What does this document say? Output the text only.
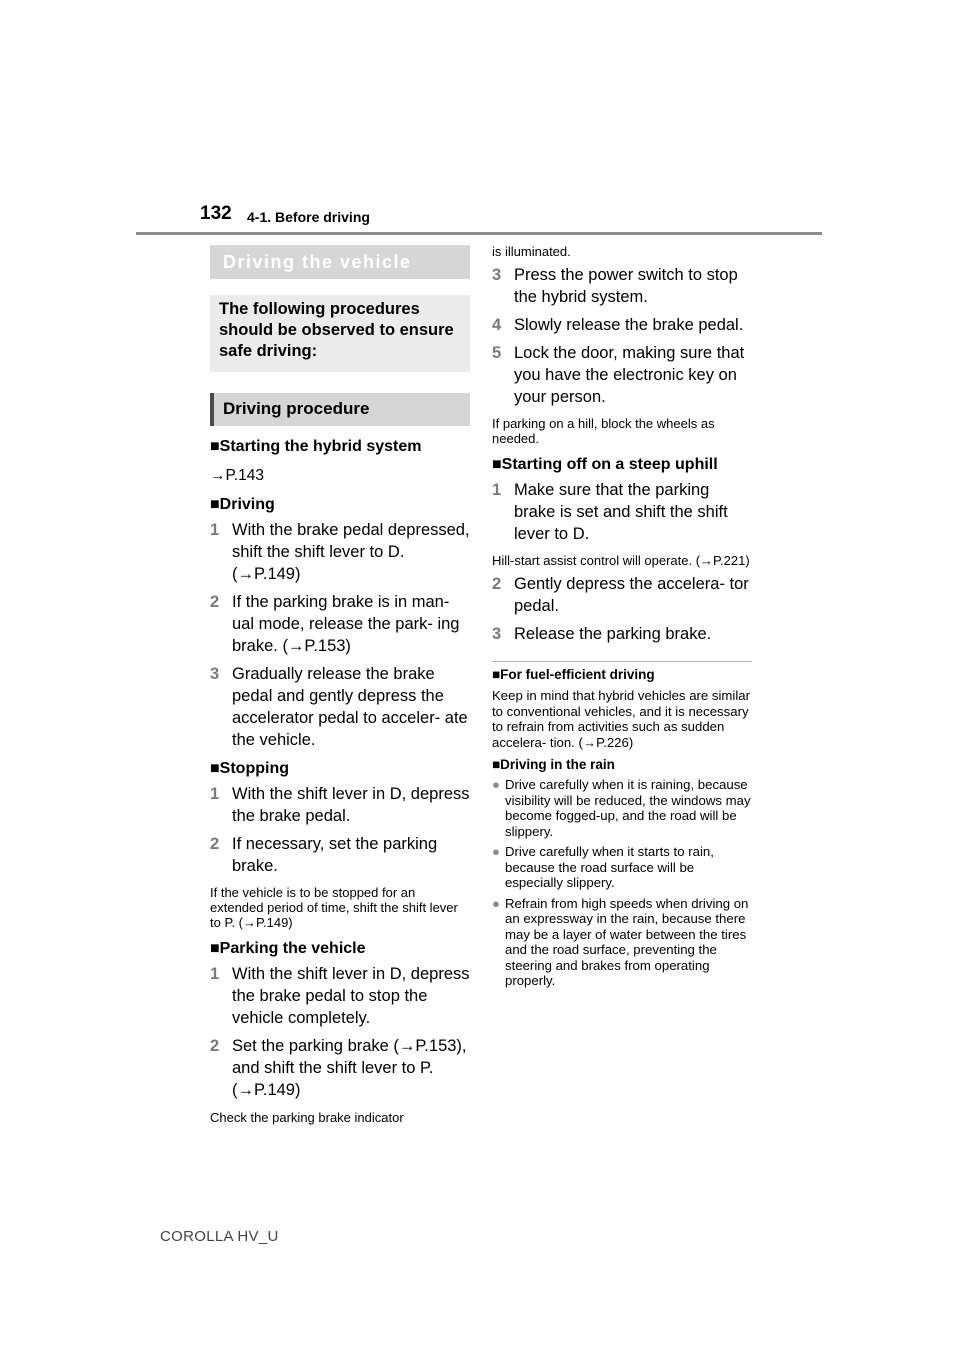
132 4-1. Before driving
Driving the vehicle
The following procedures should be observed to ensure safe driving:
Driving procedure
■Starting the hybrid system
→P.143
■Driving
1 With the brake pedal depressed, shift the shift lever to D. (→P.149)
2 If the parking brake is in man- ual mode, release the park- ing brake. (→P.153)
3 Gradually release the brake pedal and gently depress the accelerator pedal to acceler- ate the vehicle.
■Stopping
1 With the shift lever in D, depress the brake pedal.
2 If necessary, set the parking brake.
If the vehicle is to be stopped for an extended period of time, shift the shift lever to P. (→P.149)
■Parking the vehicle
1 With the shift lever in D, depress the brake pedal to stop the vehicle completely.
2 Set the parking brake (→P.153), and shift the shift lever to P. (→P.149)
Check the parking brake indicator
is illuminated.
3 Press the power switch to stop the hybrid system.
4 Slowly release the brake pedal.
5 Lock the door, making sure that you have the electronic key on your person.
If parking on a hill, block the wheels as needed.
■Starting off on a steep uphill
1 Make sure that the parking brake is set and shift the shift lever to D.
Hill-start assist control will operate. (→P.221)
2 Gently depress the accelera- tor pedal.
3 Release the parking brake.
■For fuel-efficient driving
Keep in mind that hybrid vehicles are similar to conventional vehicles, and it is necessary to refrain from activities such as sudden accelera- tion. (→P.226)
■Driving in the rain
● Drive carefully when it is raining, because visibility will be reduced, the windows may become fogged-up, and the road will be slippery.
● Drive carefully when it starts to rain, because the road surface will be especially slippery.
● Refrain from high speeds when driving on an expressway in the rain, because there may be a layer of water between the tires and the road surface, preventing the steering and brakes from operating properly.
COROLLA HV_U
